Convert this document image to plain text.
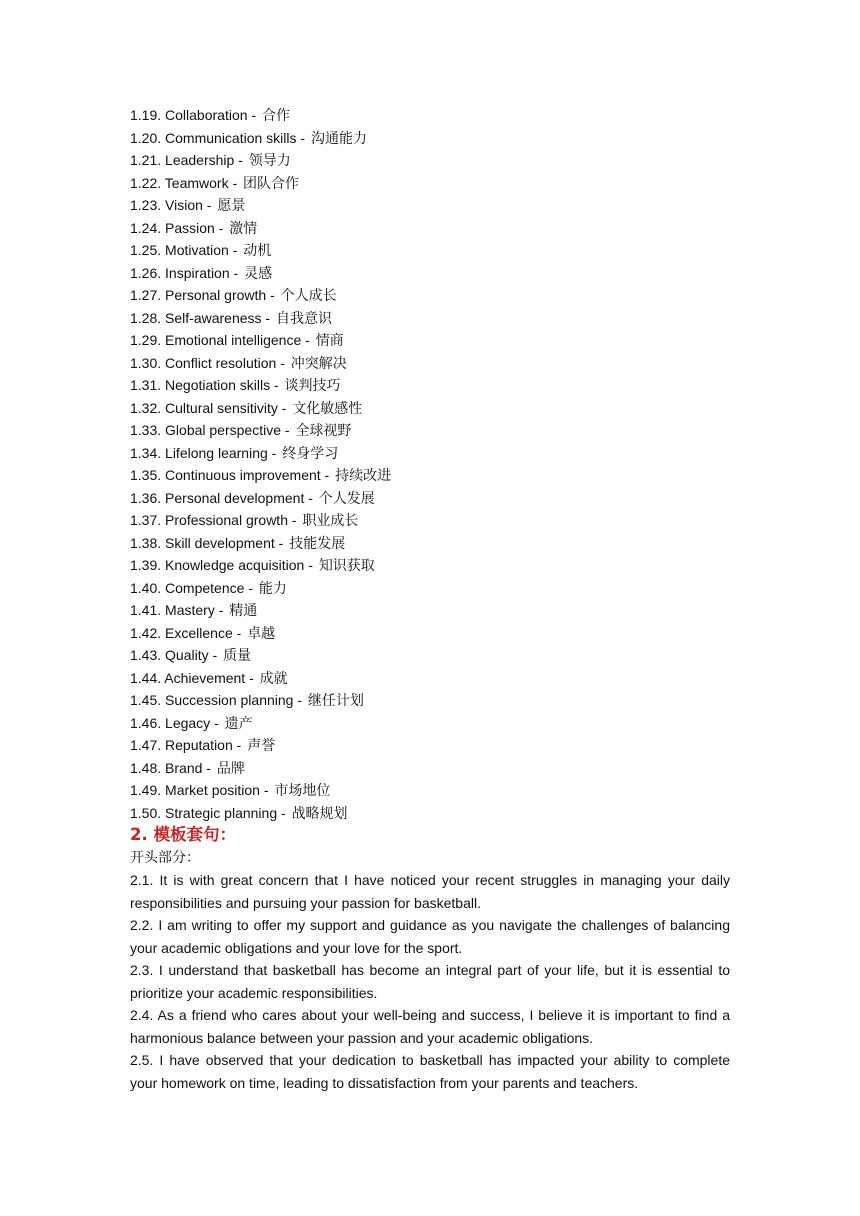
1.19. Collaboration - 合作
1.20. Communication skills - 沟通能力
1.21. Leadership - 领导力
1.22. Teamwork - 团队合作
1.23. Vision - 愿景
1.24. Passion - 激情
1.25. Motivation - 动机
1.26. Inspiration - 灵感
1.27. Personal growth - 个人成长
1.28. Self-awareness - 自我意识
1.29. Emotional intelligence - 情商
1.30. Conflict resolution - 冲突解决
1.31. Negotiation skills - 谈判技巧
1.32. Cultural sensitivity - 文化敏感性
1.33. Global perspective - 全球视野
1.34. Lifelong learning - 终身学习
1.35. Continuous improvement - 持续改进
1.36. Personal development - 个人发展
1.37. Professional growth - 职业成长
1.38. Skill development - 技能发展
1.39. Knowledge acquisition - 知识获取
1.40. Competence - 能力
1.41. Mastery - 精通
1.42. Excellence - 卓越
1.43. Quality - 质量
1.44. Achievement - 成就
1.45. Succession planning - 继任计划
1.46. Legacy - 遗产
1.47. Reputation - 声誉
1.48. Brand - 品牌
1.49. Market position - 市场地位
1.50. Strategic planning - 战略规划
2. 模板套句：
开头部分：
2.1. It is with great concern that I have noticed your recent struggles in managing your daily responsibilities and pursuing your passion for basketball.
2.2. I am writing to offer my support and guidance as you navigate the challenges of balancing your academic obligations and your love for the sport.
2.3. I understand that basketball has become an integral part of your life, but it is essential to prioritize your academic responsibilities.
2.4. As a friend who cares about your well-being and success, I believe it is important to find a harmonious balance between your passion and your academic obligations.
2.5. I have observed that your dedication to basketball has impacted your ability to complete your homework on time, leading to dissatisfaction from your parents and teachers.
